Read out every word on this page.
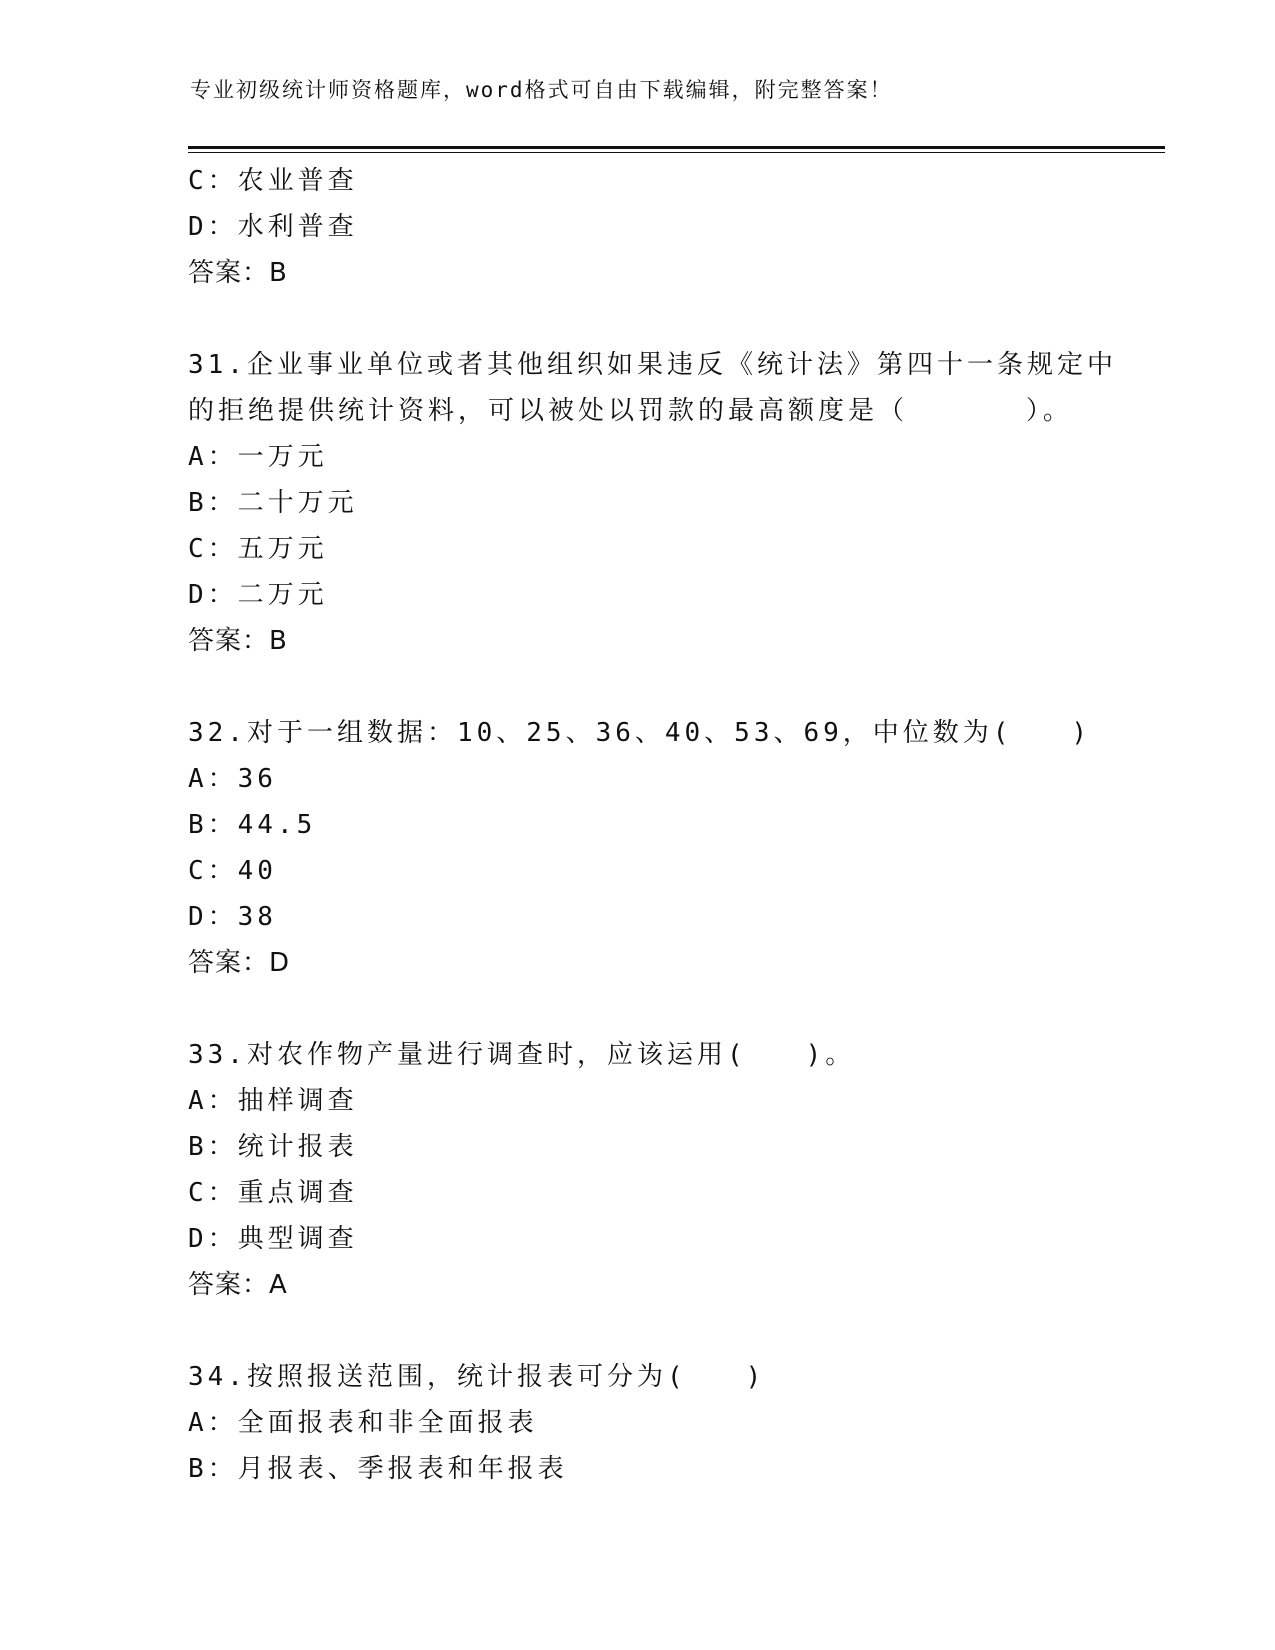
专业初级统计师资格题库，word格式可自由下载编辑，附完整答案！
C：农业普查
D：水利普查
答案：B
31.企业事业单位或者其他组织如果违反《统计法》第四十一条规定中
的拒绝提供统计资料，可以被处以罚款的最高额度是（      ）。
A：一万元
B：二十万元
C：五万元
D：二万元
答案：B
32.对于一组数据：10、25、36、40、53、69，中位数为(   )
A：36
B：44.5
C：40
D：38
答案：D
33.对农作物产量进行调查时，应该运用(   )。
A：抽样调查
B：统计报表
C：重点调查
D：典型调查
答案：A
34.按照报送范围，统计报表可分为(   )
A：全面报表和非全面报表
B：月报表、季报表和年报表
